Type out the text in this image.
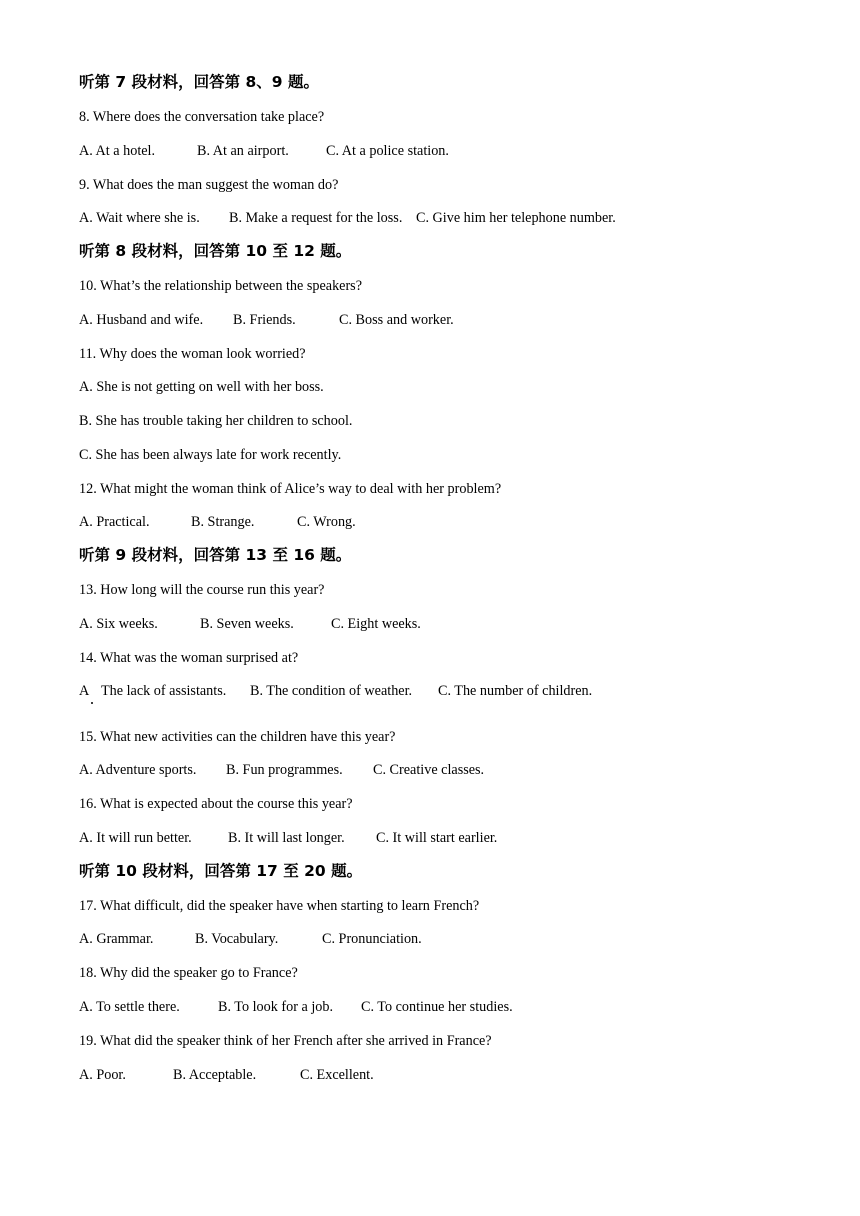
听第 7 段材料，回答第 8、9 题。
8. Where does the conversation take place?

A. At a hotel.

	B. At an airport.

	C. At a police station.

9. What does the man suggest the woman do?

A. Wait where she is.

B. Make a request for the loss.

C. Give him her telephone number.

听第 8 段材料，回答第 10 至 12 题。
10. What’s the relationship between the speakers?

A. Husband and wife.

B. Friends.

	C. Boss and worker.

11. Why does the woman look worried?
A. She is not getting on well with her boss.
B. She has trouble taking her children to school.
C. She has been always late for work recently.
12. What might the woman think of Alice’s way to deal with her problem?

A. Practical.

	B. Strange.

	C. Wrong.

听第 9 段材料，回答第 13 至 16 题。
13. How long will the course run this year?

A. Six weeks.

	B. Seven weeks.

	C. Eight weeks.

14. What was the woman surprised at?

A

The lack of assistants.

B. The condition of weather.

C. The number of children.

15. What new activities can the children have this year?

A. Adventure sports.

B. Fun programmes.

C. Creative classes.

16. What is expected about the course this year?

A. It will run better.

	B. It will last longer.

C. It will start earlier.

听第 10 段材料，回答第 17 至 20 题。
17. What difficult, did the speaker have when starting to learn French?

A. Grammar.

	B. Vocabulary.

	C. Pronunciation.

18. Why did the speaker go to France?

A. To settle there.

	B. To look for a job.

C. To continue her studies.

19. What did the speaker think of her French after she arrived in France?

A. Poor.

	B. Acceptable.

	C. Excellent.
